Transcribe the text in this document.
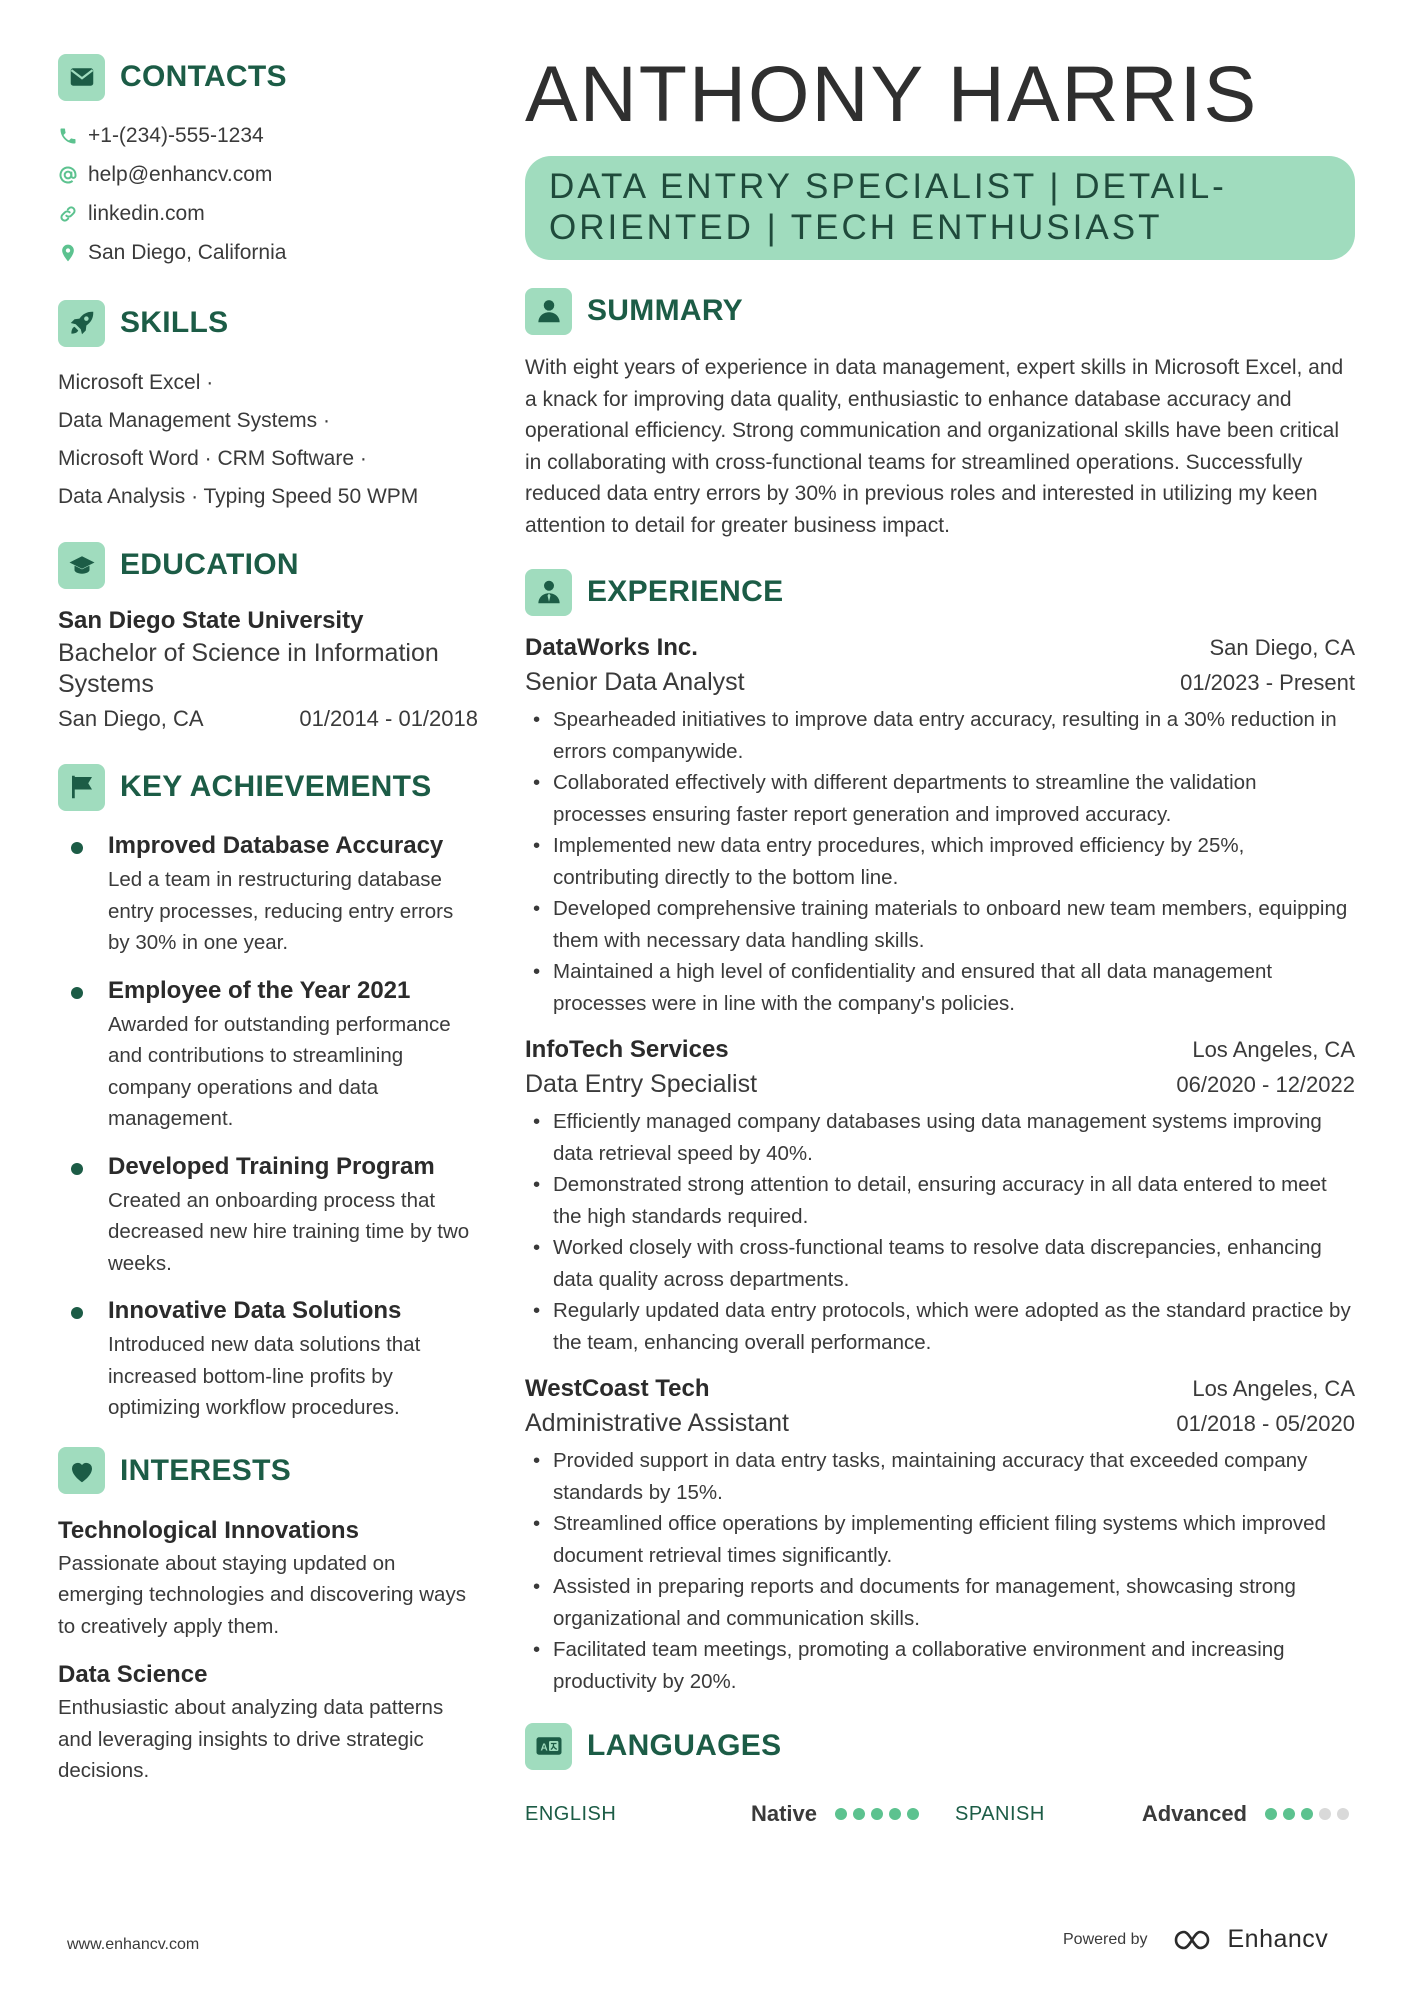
CONTACTS
+1-(234)-555-1234
help@enhancv.com
linkedin.com
San Diego, California
SKILLS
Microsoft Excel ·
Data Management Systems ·
Microsoft Word · CRM Software ·
Data Analysis · Typing Speed 50 WPM
EDUCATION
San Diego State University
Bachelor of Science in Information Systems
San Diego, CA	01/2014 - 01/2018
KEY ACHIEVEMENTS
Improved Database Accuracy
Led a team in restructuring database entry processes, reducing entry errors by 30% in one year.
Employee of the Year 2021
Awarded for outstanding performance and contributions to streamlining company operations and data management.
Developed Training Program
Created an onboarding process that decreased new hire training time by two weeks.
Innovative Data Solutions
Introduced new data solutions that increased bottom-line profits by optimizing workflow procedures.
INTERESTS
Technological Innovations
Passionate about staying updated on emerging technologies and discovering ways to creatively apply them.
Data Science
Enthusiastic about analyzing data patterns and leveraging insights to drive strategic decisions.
ANTHONY HARRIS
DATA ENTRY SPECIALIST | DETAIL-ORIENTED | TECH ENTHUSIAST
SUMMARY
With eight years of experience in data management, expert skills in Microsoft Excel, and a knack for improving data quality, enthusiastic to enhance database accuracy and operational efficiency. Strong communication and organizational skills have been critical in collaborating with cross-functional teams for streamlined operations. Successfully reduced data entry errors by 30% in previous roles and interested in utilizing my keen attention to detail for greater business impact.
EXPERIENCE
DataWorks Inc.	San Diego, CA
Senior Data Analyst	01/2023 - Present
• Spearheaded initiatives to improve data entry accuracy, resulting in a 30% reduction in errors companywide.
• Collaborated effectively with different departments to streamline the validation processes ensuring faster report generation and improved accuracy.
• Implemented new data entry procedures, which improved efficiency by 25%, contributing directly to the bottom line.
• Developed comprehensive training materials to onboard new team members, equipping them with necessary data handling skills.
• Maintained a high level of confidentiality and ensured that all data management processes were in line with the company's policies.
InfoTech Services	Los Angeles, CA
Data Entry Specialist	06/2020 - 12/2022
• Efficiently managed company databases using data management systems improving data retrieval speed by 40%.
• Demonstrated strong attention to detail, ensuring accuracy in all data entered to meet the high standards required.
• Worked closely with cross-functional teams to resolve data discrepancies, enhancing data quality across departments.
• Regularly updated data entry protocols, which were adopted as the standard practice by the team, enhancing overall performance.
WestCoast Tech	Los Angeles, CA
Administrative Assistant	01/2018 - 05/2020
• Provided support in data entry tasks, maintaining accuracy that exceeded company standards by 15%.
• Streamlined office operations by implementing efficient filing systems which improved document retrieval times significantly.
• Assisted in preparing reports and documents for management, showcasing strong organizational and communication skills.
• Facilitated team meetings, promoting a collaborative environment and increasing productivity by 20%.
A LANGUAGES
ENGLISH	Native	SPANISH	Advanced
www.enhancv.com	Powered by	Enhancv
